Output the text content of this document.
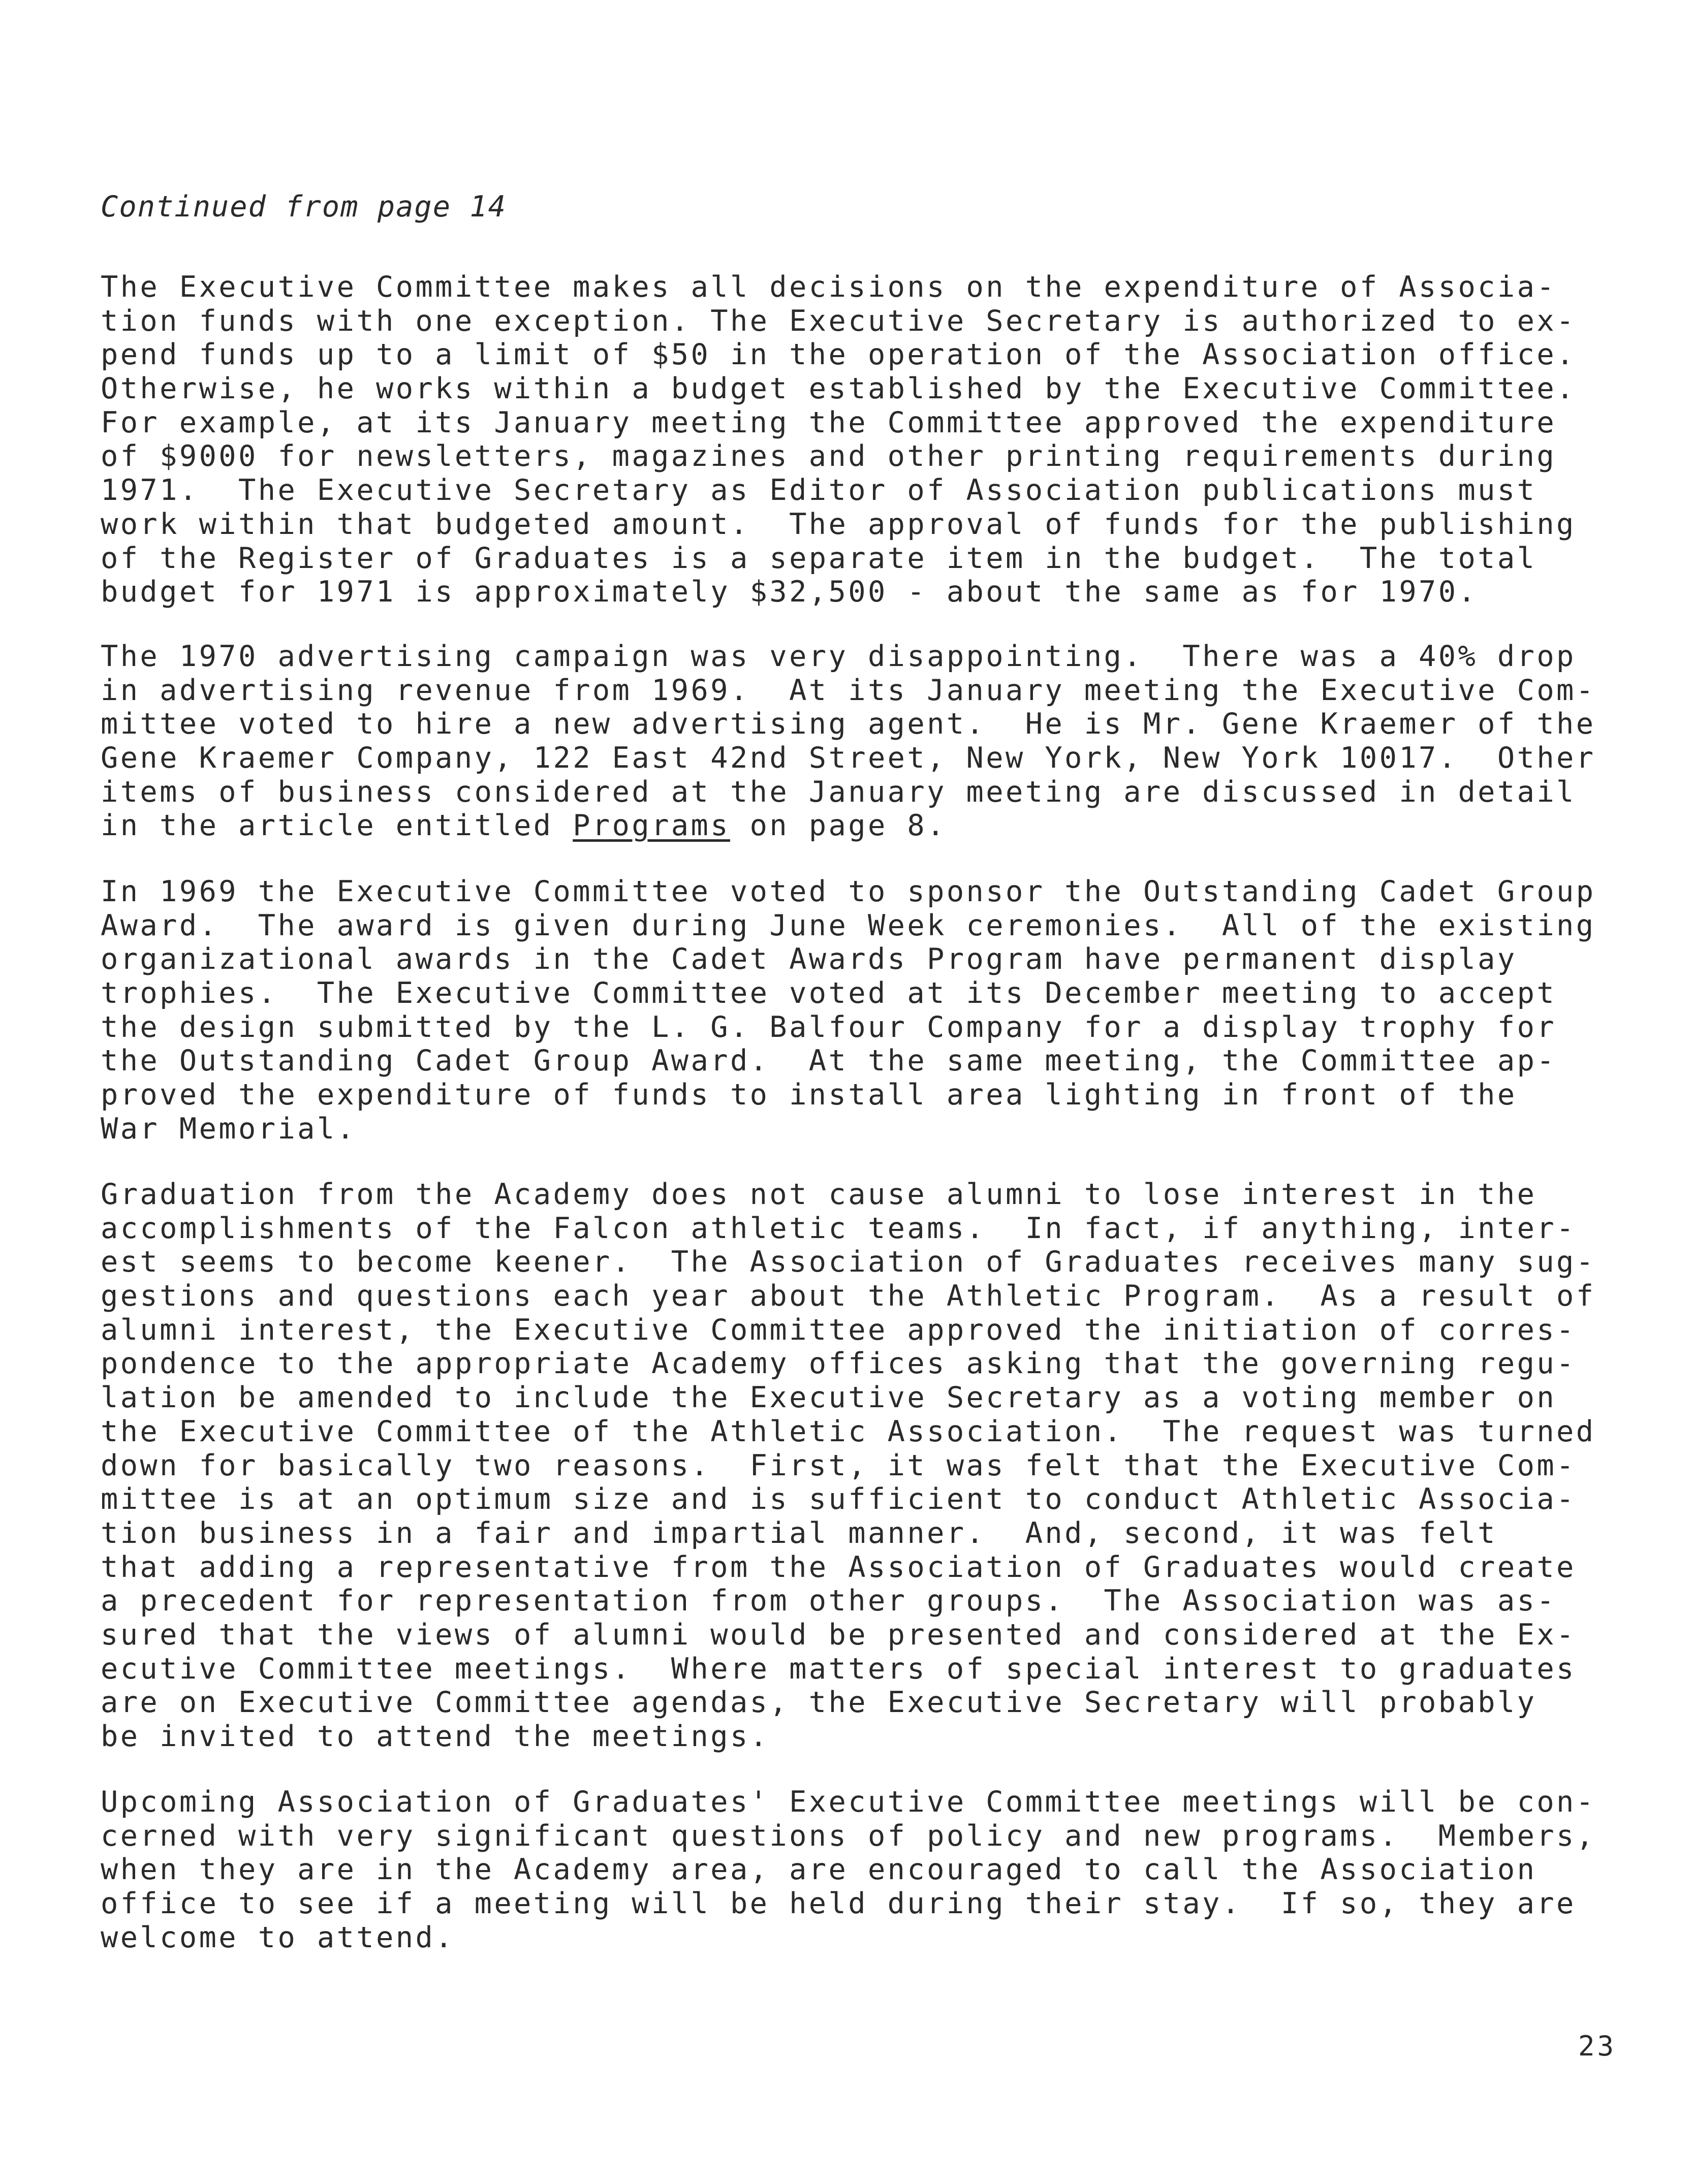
Continued from page 14
The Executive Committee makes all decisions on the expenditure of Associa-
tion funds with one exception. The Executive Secretary is authorized to ex-
pend funds up to a limit of $50 in the operation of the Association office.
Otherwise, he works within a budget established by the Executive Committee.
For example, at its January meeting the Committee approved the expenditure
of $9000 for newsletters, magazines and other printing requirements during
1971.  The Executive Secretary as Editor of Association publications must
work within that budgeted amount.  The approval of funds for the publishing
of the Register of Graduates is a separate item in the budget.  The total
budget for 1971 is approximately $32,500 - about the same as for 1970.
The 1970 advertising campaign was very disappointing.  There was a 40% drop
in advertising revenue from 1969.  At its January meeting the Executive Com-
mittee voted to hire a new advertising agent.  He is Mr. Gene Kraemer of the
Gene Kraemer Company, 122 East 42nd Street, New York, New York 10017.  Other
items of business considered at the January meeting are discussed in detail
in the article entitled Programs on page 8.
In 1969 the Executive Committee voted to sponsor the Outstanding Cadet Group
Award.  The award is given during June Week ceremonies.  All of the existing
organizational awards in the Cadet Awards Program have permanent display
trophies.  The Executive Committee voted at its December meeting to accept
the design submitted by the L. G. Balfour Company for a display trophy for
the Outstanding Cadet Group Award.  At the same meeting, the Committee ap-
proved the expenditure of funds to install area lighting in front of the
War Memorial.
Graduation from the Academy does not cause alumni to lose interest in the
accomplishments of the Falcon athletic teams.  In fact, if anything, inter-
est seems to become keener.  The Association of Graduates receives many sug-
gestions and questions each year about the Athletic Program.  As a result of
alumni interest, the Executive Committee approved the initiation of corres-
pondence to the appropriate Academy offices asking that the governing regu-
lation be amended to include the Executive Secretary as a voting member on
the Executive Committee of the Athletic Association.  The request was turned
down for basically two reasons.  First, it was felt that the Executive Com-
mittee is at an optimum size and is sufficient to conduct Athletic Associa-
tion business in a fair and impartial manner.  And, second, it was felt
that adding a representative from the Association of Graduates would create
a precedent for representation from other groups.  The Association was as-
sured that the views of alumni would be presented and considered at the Ex-
ecutive Committee meetings.  Where matters of special interest to graduates
are on Executive Committee agendas, the Executive Secretary will probably
be invited to attend the meetings.
Upcoming Association of Graduates' Executive Committee meetings will be con-
cerned with very significant questions of policy and new programs.  Members,
when they are in the Academy area, are encouraged to call the Association
office to see if a meeting will be held during their stay.  If so, they are
welcome to attend.
23
